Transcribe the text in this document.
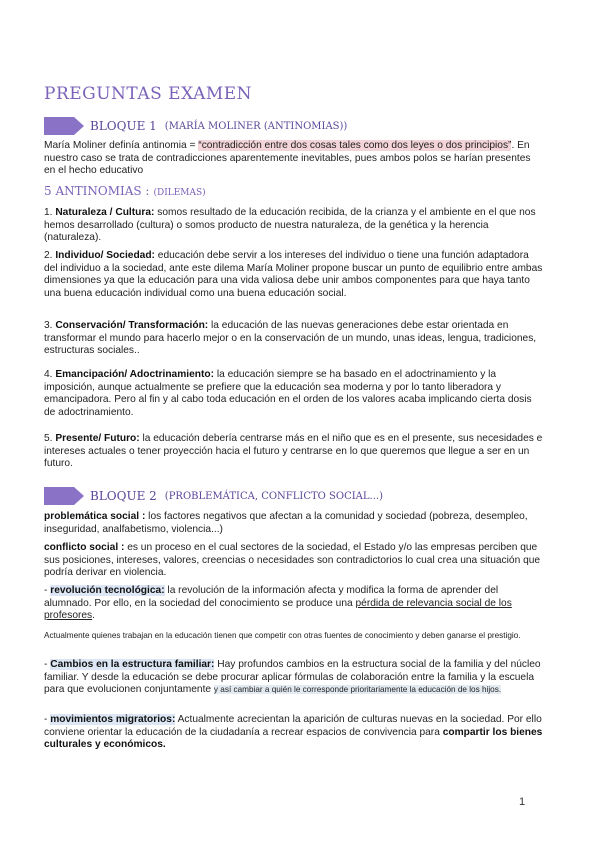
PREGUNTAS EXAMEN
BLOQUE 1 (MARÍA MOLINER (ANTINOMIAS))
María Moliner definía antinomia = “contradicción entre dos cosas tales como dos leyes o dos principios”. En nuestro caso se trata de contradicciones aparentemente inevitables, pues ambos polos se harían presentes en el hecho educativo
5 ANTINOMIAS : (DILEMAS)
1. Naturaleza / Cultura: somos resultado de la educación recibida, de la crianza y el ambiente en el que nos hemos desarrollado (cultura) o somos producto de nuestra naturaleza, de la genética y la herencia (naturaleza).
2. Individuo/ Sociedad: educación debe servir a los intereses del individuo o tiene una función adaptadora del individuo a la sociedad, ante este dilema María Moliner propone buscar un punto de equilibrio entre ambas dimensiones ya que la educación para una vida valiosa debe unir ambos componentes para que haya tanto una buena educación individual como una buena educación social.
3. Conservación/ Transformación: la educación de las nuevas generaciones debe estar orientada en transformar el mundo para hacerlo mejor o en la conservación de un mundo, unas ideas, lengua, tradiciones, estructuras sociales..
4. Emancipación/ Adoctrinamiento: la educación siempre se ha basado en el adoctrinamiento y la imposición, aunque actualmente se prefiere que la educación sea moderna y por lo tanto liberadora y emancipadora. Pero al fin y al cabo toda educación en el orden de los valores acaba implicando cierta dosis de adoctrinamiento.
5. Presente/ Futuro: la educación debería centrarse más en el niño que es en el presente, sus necesidades e intereses actuales o tener proyección hacia el futuro y centrarse en lo que queremos que llegue a ser en un futuro.
BLOQUE 2 (PROBLEMÁTICA, CONFLICTO SOCIAL...)
problemática social : los factores negativos que afectan a la comunidad y sociedad (pobreza, desempleo, inseguridad, analfabetismo, violencia...)
conflicto social : es un proceso en el cual sectores de la sociedad, el Estado y/o las empresas perciben que sus posiciones, intereses, valores, creencias o necesidades son contradictorios lo cual crea una situación que podría derivar en violencia.
- revolución tecnológica: la revolución de la información afecta y modifica la forma de aprender del alumnado. Por ello, en la sociedad del conocimiento se produce una pérdida de relevancia social de los profesores.
Actualmente quienes trabajan en la educación tienen que competir con otras fuentes de conocimiento y deben ganarse el prestigio.
- Cambios en la estructura familiar: Hay profundos cambios en la estructura social de la familia y del núcleo familiar. Y desde la educación se debe procurar aplicar fórmulas de colaboración entre la familia y la escuela para que evolucionen conjuntamente y así cambiar a quién le corresponde prioritariamente la educación de los hijos.
- movimientos migratorios: Actualmente acrecientan la aparición de culturas nuevas en la sociedad. Por ello conviene orientar la educación de la ciudadanía a recrear espacios de convivencia para compartir los bienes culturales y económicos.
1
